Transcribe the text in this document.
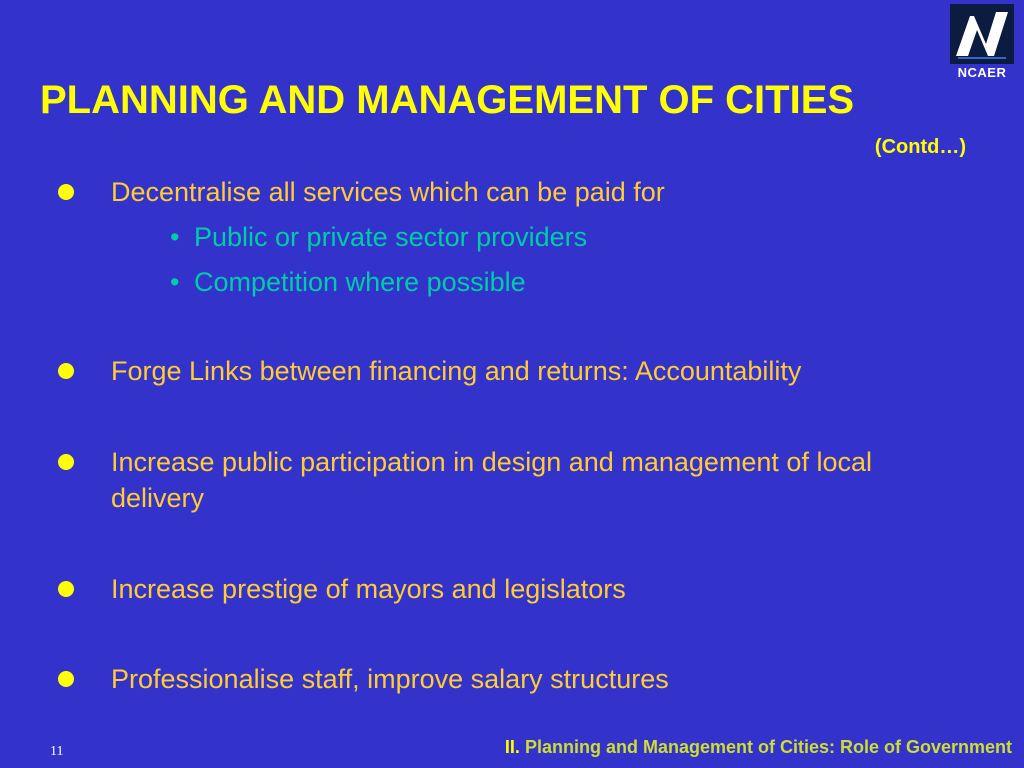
NCAER
PLANNING AND MANAGEMENT OF CITIES
(Contd…)
Decentralise all services which can be paid for
• Public or private sector providers
• Competition where possible
Forge Links between financing and returns: Accountability
Increase public participation in design and management of local delivery
Increase prestige of mayors and legislators
Professionalise staff, improve salary structures
11	II. Planning and Management of Cities: Role of Government
